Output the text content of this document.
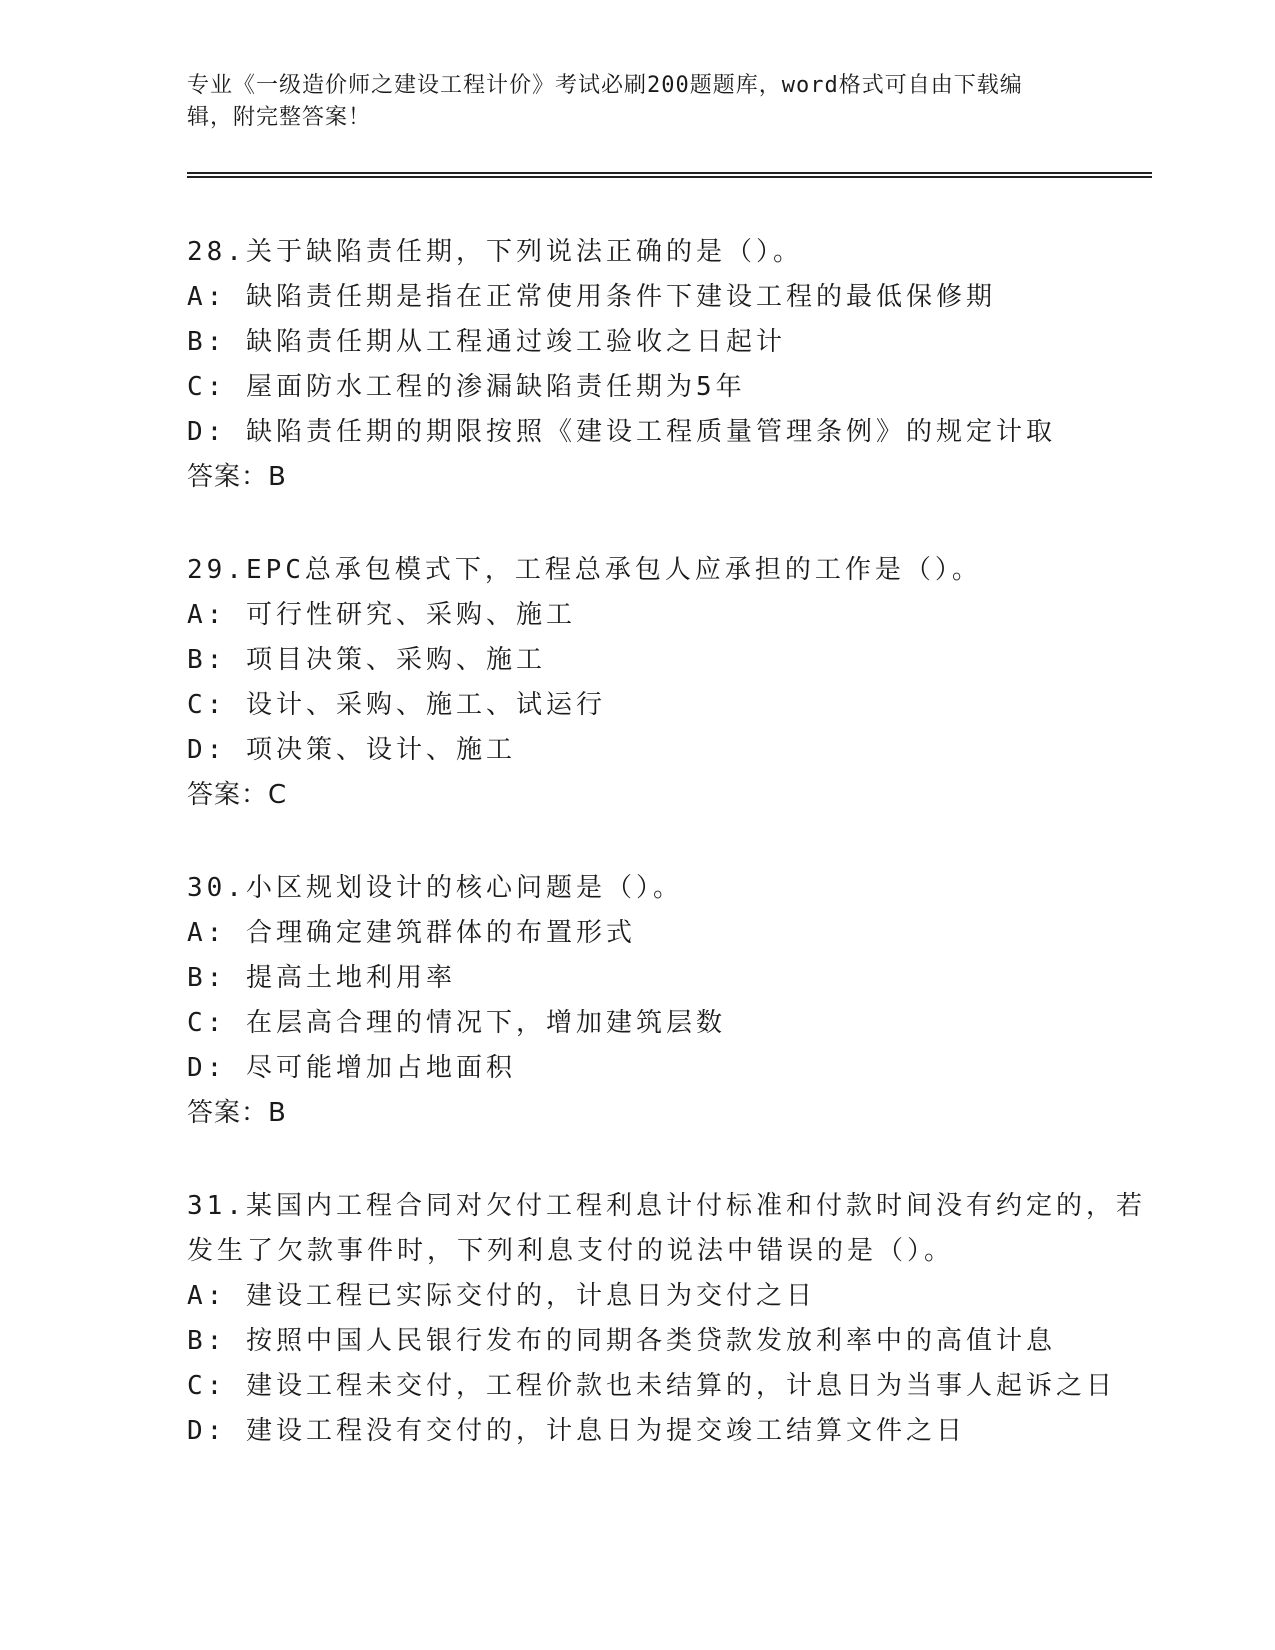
专业《一级造价师之建设工程计价》考试必刷200题题库，word格式可自由下载编辑，附完整答案！
28.关于缺陷责任期，下列说法正确的是（）。
A: 缺陷责任期是指在正常使用条件下建设工程的最低保修期
B: 缺陷责任期从工程通过竣工验收之日起计
C: 屋面防水工程的渗漏缺陷责任期为5年
D: 缺陷责任期的期限按照《建设工程质量管理条例》的规定计取
答案：B
29.EPC总承包模式下，工程总承包人应承担的工作是（）。
A: 可行性研究、采购、施工
B: 项目决策、采购、施工
C: 设计、采购、施工、试运行
D: 项决策、设计、施工
答案：C
30.小区规划设计的核心问题是（）。
A: 合理确定建筑群体的布置形式
B: 提高土地利用率
C: 在层高合理的情况下，增加建筑层数
D: 尽可能增加占地面积
答案：B
31.某国内工程合同对欠付工程利息计付标准和付款时间没有约定的，若发生了欠款事件时，下列利息支付的说法中错误的是（）。
A: 建设工程已实际交付的，计息日为交付之日
B: 按照中国人民银行发布的同期各类贷款发放利率中的高值计息
C: 建设工程未交付，工程价款也未结算的，计息日为当事人起诉之日
D: 建设工程没有交付的，计息日为提交竣工结算文件之日
